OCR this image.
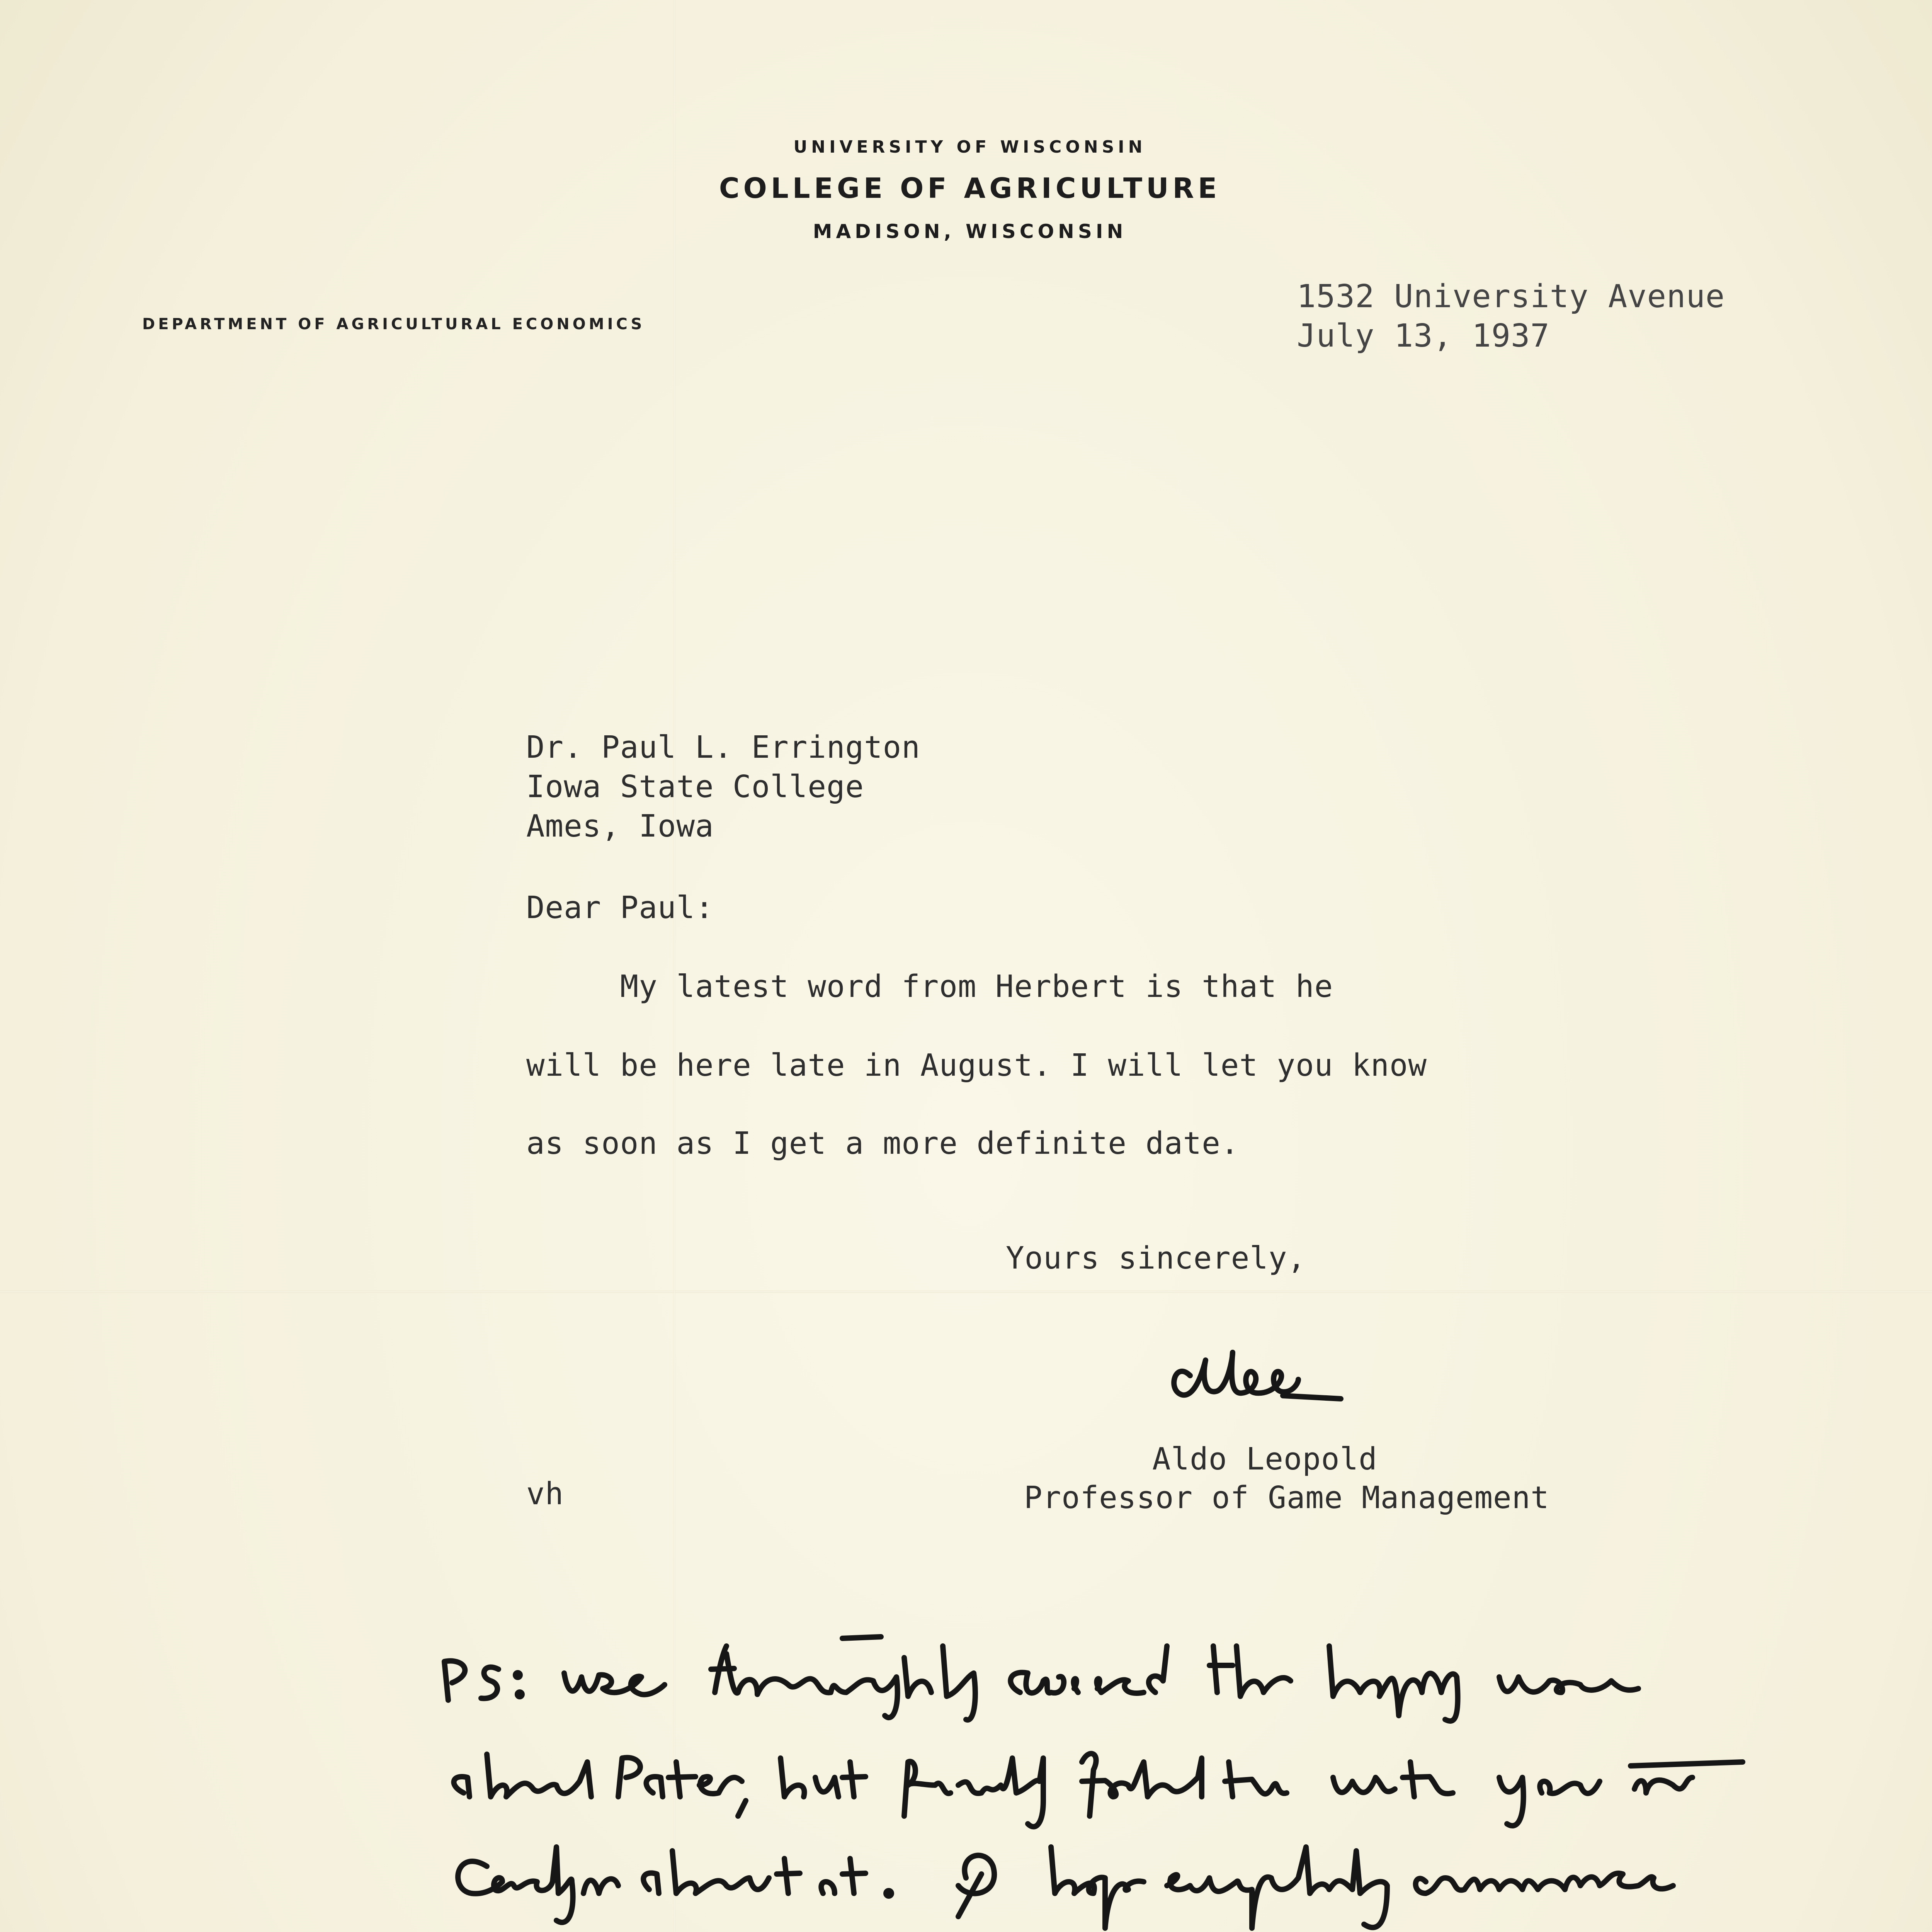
UNIVERSITY OF WISCONSIN
COLLEGE OF AGRICULTURE
MADISON, WISCONSIN
DEPARTMENT OF AGRICULTURAL ECONOMICS
1532 University Avenue
July 13, 1937
Dr. Paul L. Errington
Iowa State College
Ames, Iowa
Dear Paul:
My latest word from Herbert is that he
will be here late in August. I will let you know
as soon as I get a more definite date.
Yours sincerely,
Aldo Leopold
Professor of Game Management
vh
